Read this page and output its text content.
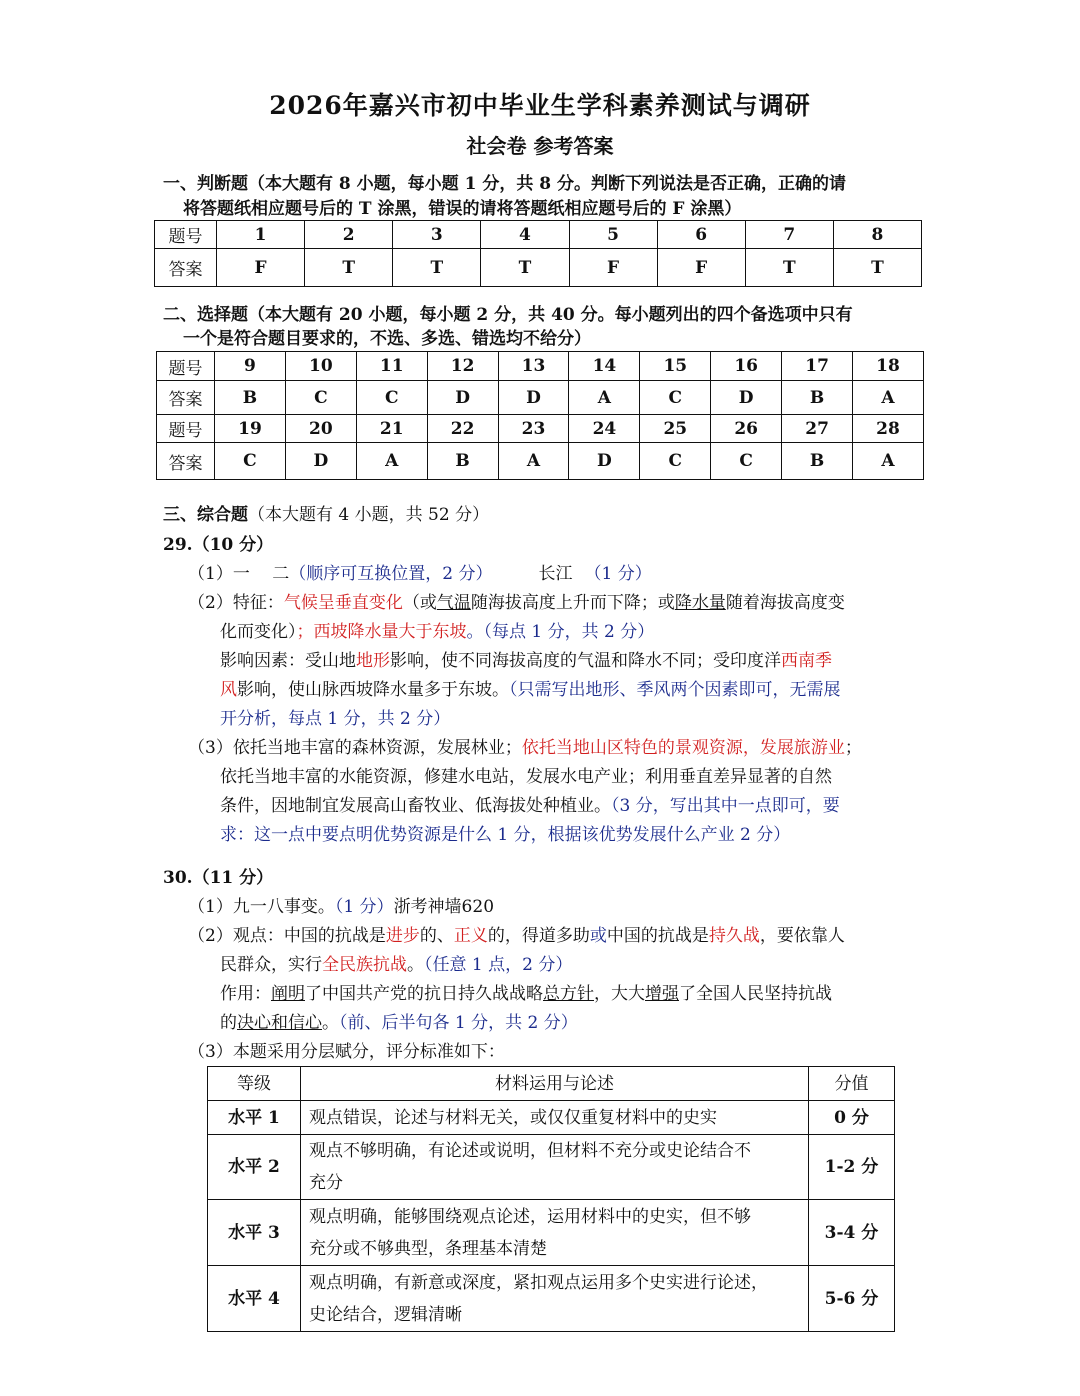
2026年嘉兴市初中毕业生学科素养测试与调研
社会卷 参考答案
一、判断题（本大题有 8 小题，每小题 1 分，共 8 分。判断下列说法是否正确，正确的请
将答题纸相应题号后的 T 涂黑，错误的请将答题纸相应题号后的 F 涂黑）
题号	1	2	3	4	5	6	7	8
答案	F	T	T	T	F	F	T	T
二、选择题（本大题有 20 小题，每小题 2 分，共 40 分。每小题列出的四个备选项中只有
一个是符合题目要求的，不选、多选、错选均不给分）
题号	9	10	11	12	13	14	15	16	17	18
答案	B	C	C	D	D	A	C	D	B	A
题号	19	20	21	22	23	24	25	26	27	28
答案	C	D	A	B	A	D	C	C	B	A
三、综合题（本大题有 4 小题，共 52 分）
29.（10 分）
（1）一　 二（顺序可互换位置，2 分）	长江 （1 分）
（2）特征：气候呈垂直变化（或气温随海拔高度上升而下降；或降水量随着海拔高度变
化而变化）；西坡降水量大于东坡。（每点 1 分，共 2 分）
影响因素：受山地地形影响，使不同海拔高度的气温和降水不同；受印度洋西南季
风影响，使山脉西坡降水量多于东坡。（只需写出地形、季风两个因素即可，无需展
开分析，每点 1 分，共 2 分）
（3）依托当地丰富的森林资源，发展林业；依托当地山区特色的景观资源，发展旅游业；
依托当地丰富的水能资源，修建水电站，发展水电产业；利用垂直差异显著的自然
条件，因地制宜发展高山畜牧业、低海拔处种植业。（3 分，写出其中一点即可，要
求：这一点中要点明优势资源是什么 1 分，根据该优势发展什么产业 2 分）
30.（11 分）
（1）九一八事变。（1 分）浙考神墙620
（2）观点：中国的抗战是进步的、正义的，得道多助或中国的抗战是持久战，要依靠人
民群众，实行全民族抗战。（任意 1 点，2 分）
作用：阐明了中国共产党的抗日持久战战略总方针，大大增强了全国人民坚持抗战
的决心和信心。（前、后半句各 1 分，共 2 分）
（3）本题采用分层赋分，评分标准如下：
等级	材料运用与论述	分值
水平 1	观点错误，论述与材料无关，或仅仅重复材料中的史实	0 分
水平 2	观点不够明确，有论述或说明，但材料不充分或史论结合不
充分	1-2 分
水平 3	观点明确，能够围绕观点论述，运用材料中的史实，但不够
充分或不够典型，条理基本清楚	3-4 分
水平 4	观点明确，有新意或深度，紧扣观点运用多个史实进行论述，
史论结合，逻辑清晰	5-6 分
